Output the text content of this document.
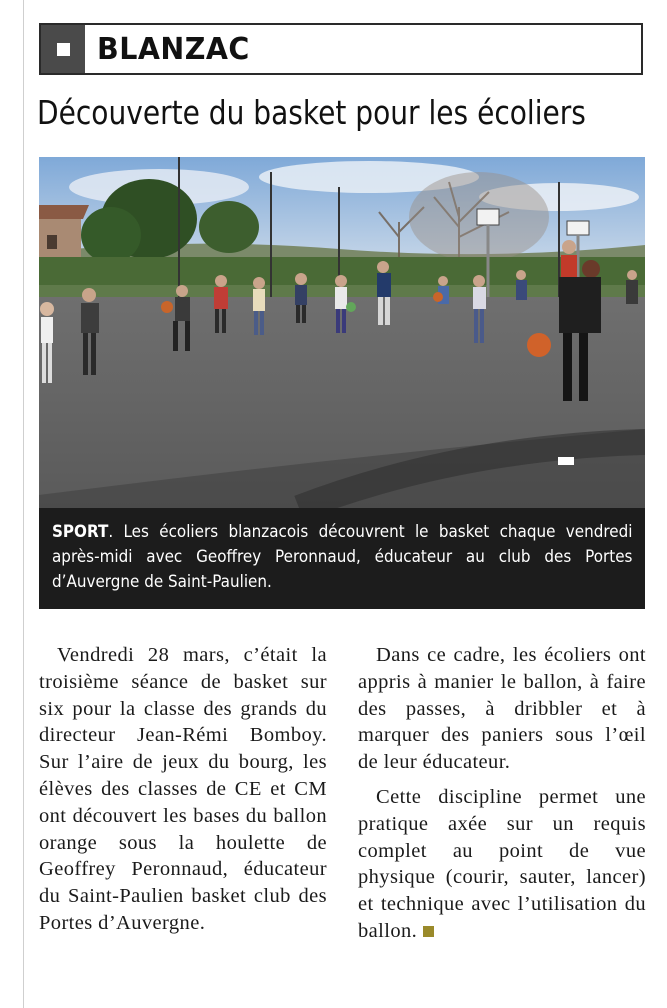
BLANZAC
Découverte du basket pour les écoliers
SPORT. Les écoliers blanzacois découvrent le basket chaque vendredi après-midi avec Geoffrey Peronnaud, éducateur au club des Portes d’Auvergne de Saint-Paulien.

Vendredi 28 mars, c’était la troisième séance de basket sur six pour la classe des grands du directeur Jean-Rémi Bomboy. Sur l’aire de jeux du bourg, les élèves des classes de CE et CM ont découvert les bases du ballon orange sous la houlette de Geoffrey Peronnaud, éducateur du Saint-Paulien basket club des Portes d’Auvergne.

Dans ce cadre, les écoliers ont appris à manier le ballon, à faire des passes, à dribbler et à marquer des paniers sous l’œil de leur éducateur.

Cette discipline permet une pratique axée sur un requis complet au point de vue physique (courir, sauter, lancer) et technique avec l’utilisation du ballon.
